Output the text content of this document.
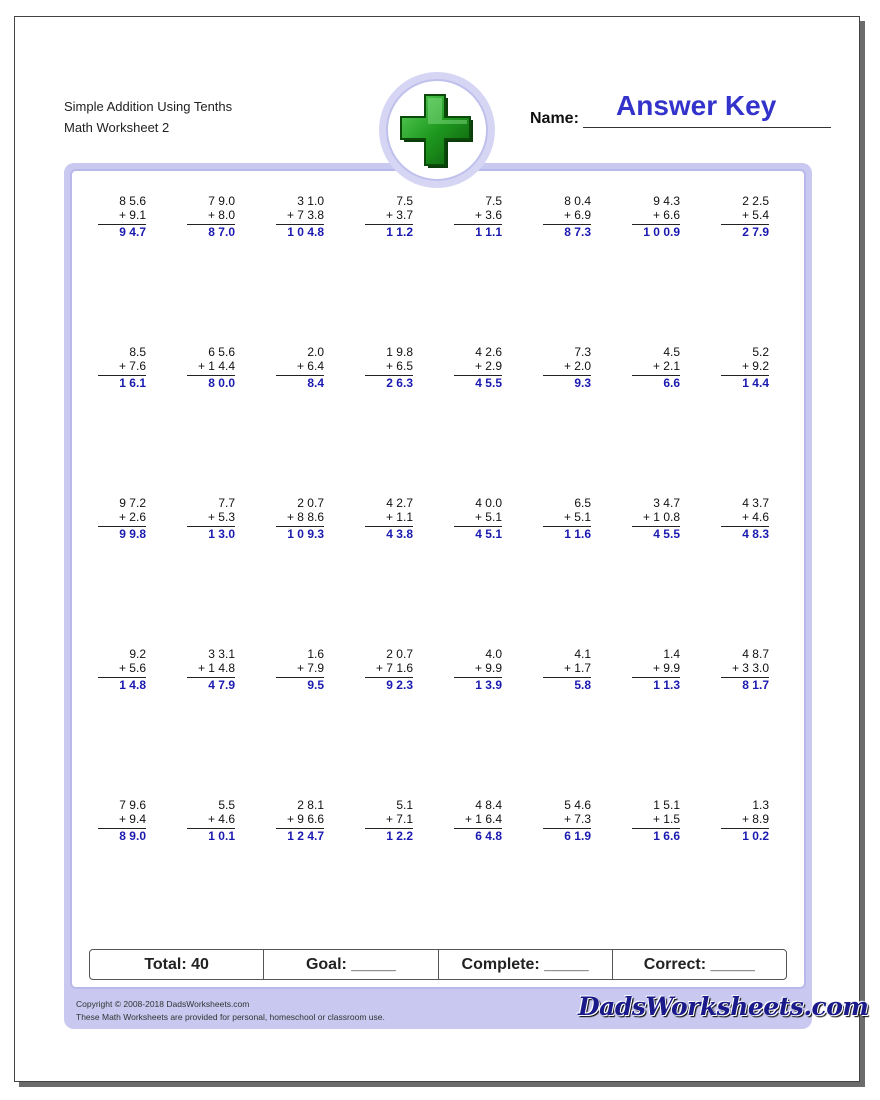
Simple Addition Using Tenths
Math Worksheet 2
Name: Answer Key
8 5.6
+ 9.1
9 4.7
7 9.0
+ 8.0
8 7.0
3 1.0
+ 7 3.8
1 0 4.8
7.5
+ 3.7
1 1.2
7.5
+ 3.6
1 1.1
8 0.4
+ 6.9
8 7.3
9 4.3
+ 6.6
1 0 0.9
2 2.5
+ 5.4
2 7.9
8.5
+ 7.6
1 6.1
6 5.6
+ 1 4.4
8 0.0
2.0
+ 6.4
8.4
1 9.8
+ 6.5
2 6.3
4 2.6
+ 2.9
4 5.5
7.3
+ 2.0
9.3
4.5
+ 2.1
6.6
5.2
+ 9.2
1 4.4
9 7.2
+ 2.6
9 9.8
7.7
+ 5.3
1 3.0
2 0.7
+ 8 8.6
1 0 9.3
4 2.7
+ 1.1
4 3.8
4 0.0
+ 5.1
4 5.1
6.5
+ 5.1
1 1.6
3 4.7
+ 1 0.8
4 5.5
4 3.7
+ 4.6
4 8.3
9.2
+ 5.6
1 4.8
3 3.1
+ 1 4.8
4 7.9
1.6
+ 7.9
9.5
2 0.7
+ 7 1.6
9 2.3
4.0
+ 9.9
1 3.9
4.1
+ 1.7
5.8
1.4
+ 9.9
1 1.3
4 8.7
+ 3 3.0
8 1.7
7 9.6
+ 9.4
8 9.0
5.5
+ 4.6
1 0.1
2 8.1
+ 9 6.6
1 2 4.7
5.1
+ 7.1
1 2.2
4 8.4
+ 1 6.4
6 4.8
5 4.6
+ 7.3
6 1.9
1 5.1
+ 1.5
1 6.6
1.3
+ 8.9
1 0.2
Total: 40	Goal: _____	Complete: _____	Correct: _____
Copyright © 2008-2018 DadsWorksheets.com
These Math Worksheets are provided for personal, homeschool or classroom use.	DadsWorksheets.com
